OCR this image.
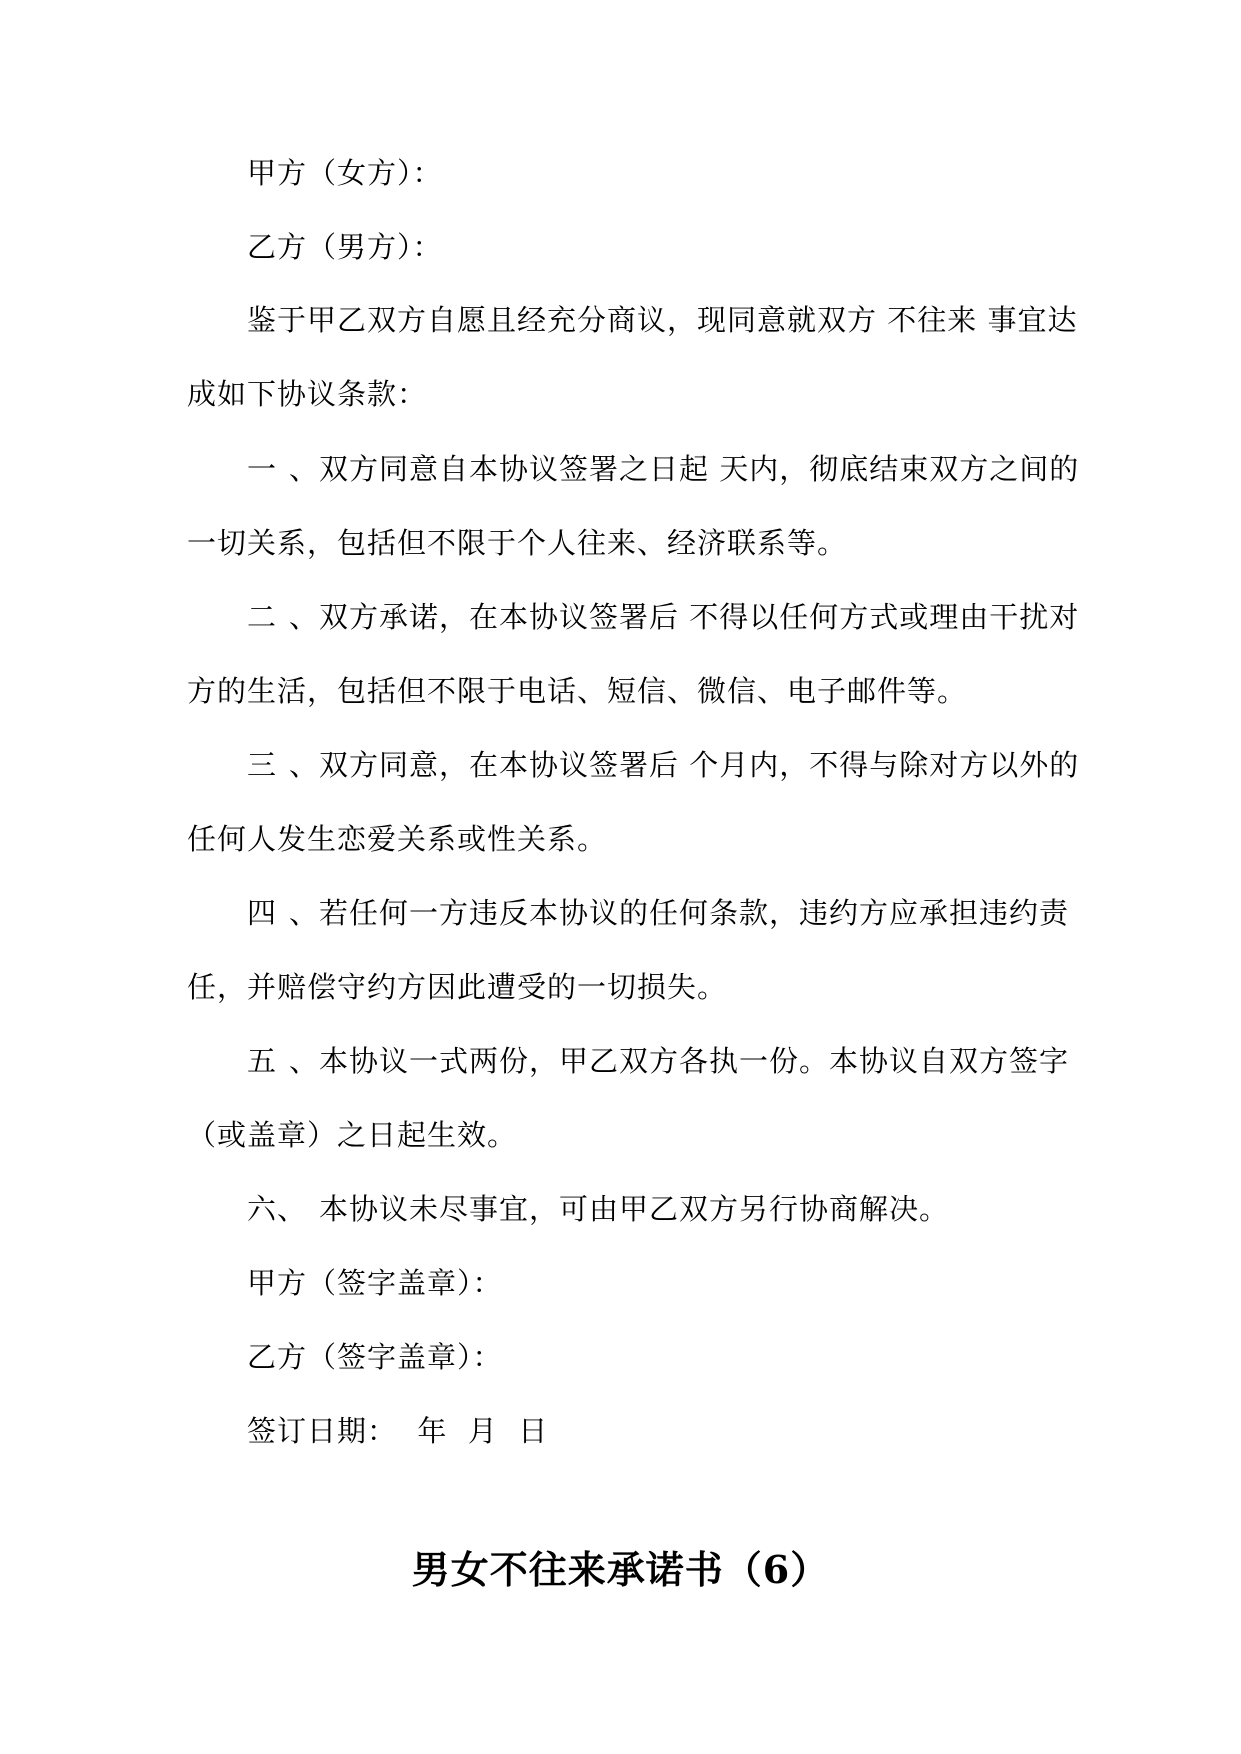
甲方（女方）：
乙方（男方）：
鉴于甲乙双方自愿且经充分商议，现同意就双方 不往来 事宜达
成如下协议条款：
一、双方同意自本协议签署之日起 天内，彻底结束双方之间的
一切关系，包括但不限于个人往来、经济联系等。
二、双方承诺，在本协议签署后 不得以任何方式或理由干扰对
方的生活，包括但不限于电话、短信、微信、电子邮件等。
三、双方同意，在本协议签署后 个月内，不得与除对方以外的
任何人发生恋爱关系或性关系。
四、若任何一方违反本协议的任何条款，违约方应承担违约责
任，并赔偿守约方因此遭受的一切损失。
五、本协议一式两份，甲乙双方各执一份。本协议自双方签字
（或盖章）之日起生效。
六、 本协议未尽事宜，可由甲乙双方另行协商解决。
甲方（签字盖章）：
乙方（签字盖章）：
签订日期：  年  月  日
男女不往来承诺书（6）
